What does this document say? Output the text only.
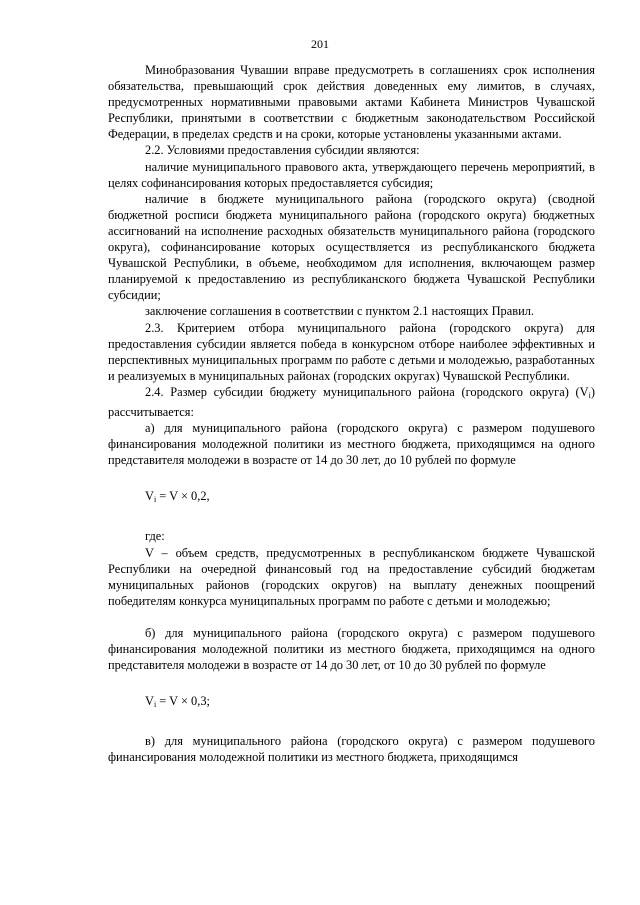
201

Минобразования Чувашии вправе предусмотреть в соглашениях срок исполнения обязательства, превышающий срок действия доведенных ему лимитов, в случаях, предусмотренных нормативными правовыми актами Кабинета Министров Чувашской Республики, принятыми в соответствии с бюджетным законодательством Российской Федерации, в пределах средств и на сроки, которые установлены указанными актами.

2.2. Условиями предоставления субсидии являются:

наличие муниципального правового акта, утверждающего перечень мероприятий, в целях софинансирования которых предоставляется субсидия;

наличие в бюджете муниципального района (городского округа) (сводной бюджетной росписи бюджета муниципального района (городского округа) бюджетных ассигнований на исполнение расходных обязательств муниципального района (городского округа), софинансирование которых осуществляется из республиканского бюджета Чувашской Республики, в объеме, необходимом для исполнения, включающем размер планируемой к предоставлению из республиканского бюджета Чувашской Республики субсидии;

заключение соглашения в соответствии с пунктом 2.1 настоящих Правил.

2.3. Критерием отбора муниципального района (городского округа) для предоставления субсидии является победа в конкурсном отборе наиболее эффективных и перспективных муниципальных программ по работе с детьми и молодежью, разработанных и реализуемых в муниципальных районах (городских округах) Чувашской Республики.

2.4. Размер субсидии бюджету муниципального района (городского округа) $(V_i)$ рассчитывается:

а) для муниципального района (городского округа) с размером подушевого финансирования молодежной политики из местного бюджета, приходящимся на одного представителя молодежи в возрасте от 14 до 30 лет, до 10 рублей по формуле

$V_i = V \times 0,2$,

где:

V – объем средств, предусмотренных в республиканском бюджете Чувашской Республики на очередной финансовый год на предоставление субсидий бюджетам муниципальных районов (городских округов) на выплату денежных поощрений победителям конкурса муниципальных программ по работе с детьми и молодежью;

б) для муниципального района (городского округа) с размером подушевого финансирования молодежной политики из местного бюджета, приходящимся на одного представителя молодежи в возрасте от 14 до 30 лет, от 10 до 30 рублей по формуле

$V_i = V \times 0,3$;

в) для муниципального района (городского округа) с размером подушевого финансирования молодежной политики из местного бюджета, приходящимся
